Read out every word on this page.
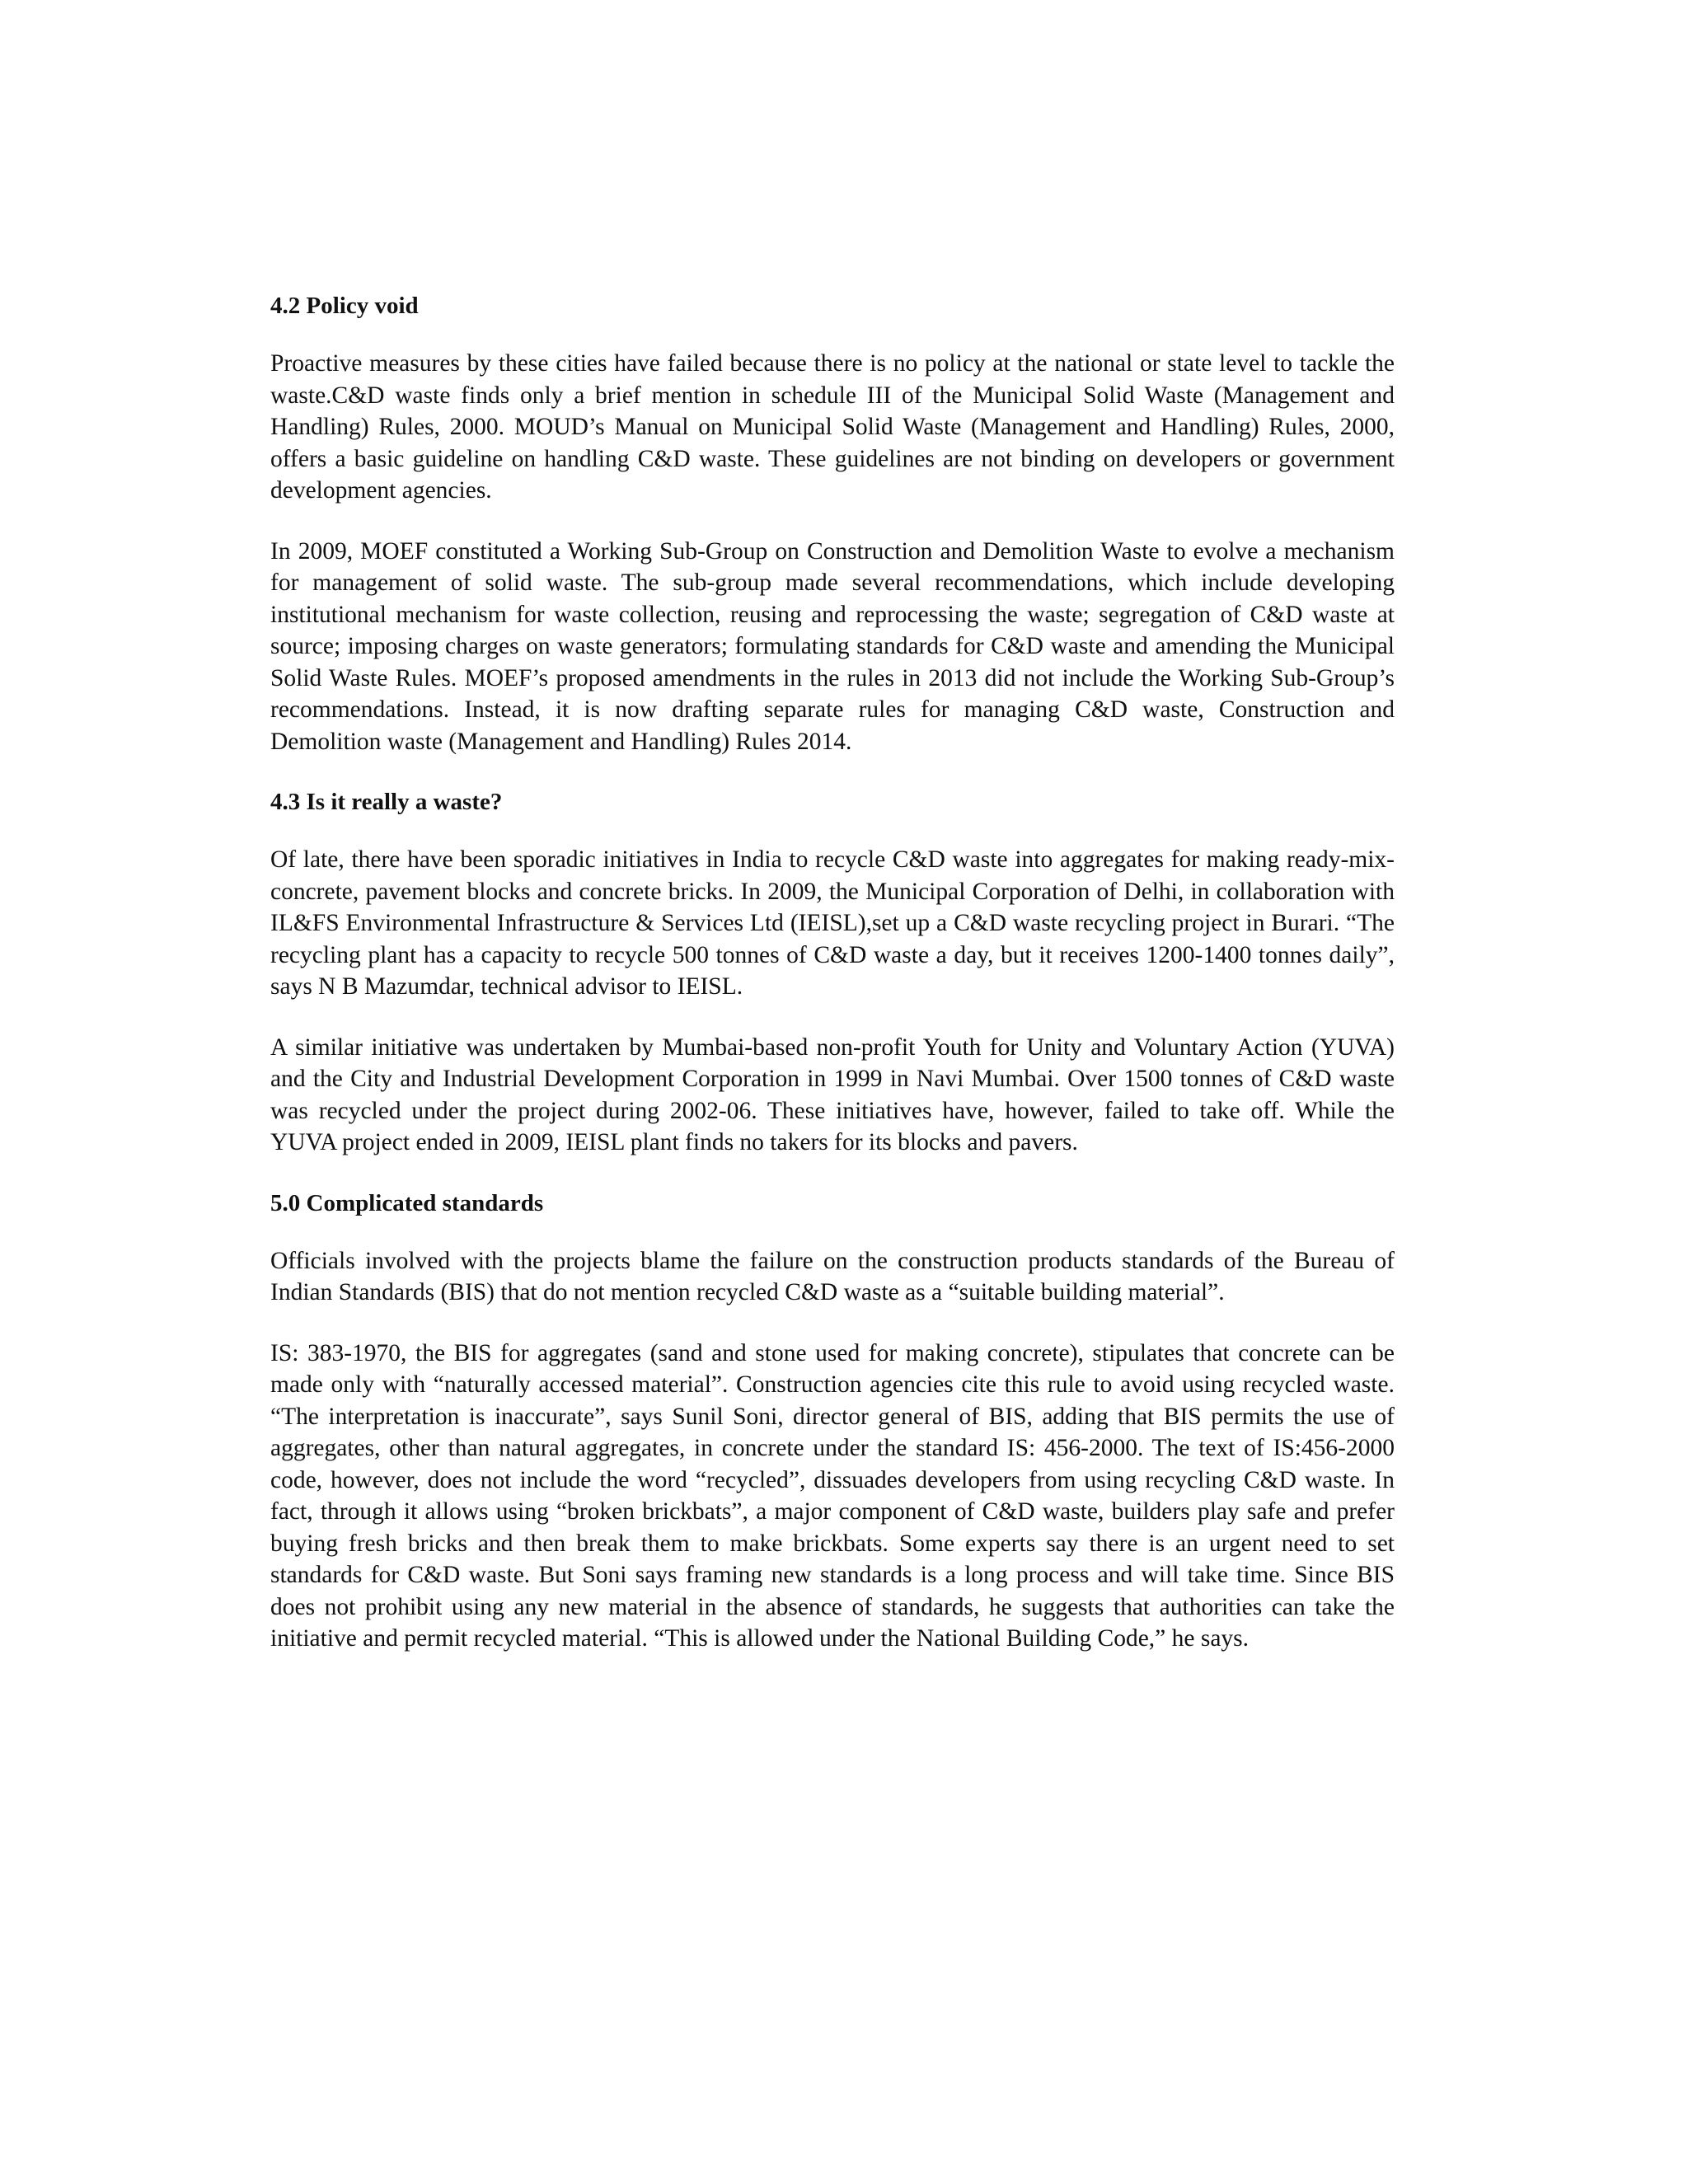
4.2 Policy void

Proactive measures by these cities have failed because there is no policy at the national or state level to tackle the waste.C&D waste finds only a brief mention in schedule III of the Municipal Solid Waste (Management and Handling) Rules, 2000. MOUD’s Manual on Municipal Solid Waste (Management and Handling) Rules, 2000, offers a basic guideline on handling C&D waste. These guidelines are not binding on developers or government development agencies.

In 2009, MOEF constituted a Working Sub-Group on Construction and Demolition Waste to evolve a mechanism for management of solid waste. The sub-group made several recommendations, which include developing institutional mechanism for waste collection, reusing and reprocessing the waste; segregation of C&D waste at source; imposing charges on waste generators; formulating standards for C&D waste and amending the Municipal Solid Waste Rules. MOEF’s proposed amendments in the rules in 2013 did not include the Working Sub-Group’s recommendations. Instead, it is now drafting separate rules for managing C&D waste, Construction and Demolition waste (Management and Handling) Rules 2014.

4.3 Is it really a waste?

Of late, there have been sporadic initiatives in India to recycle C&D waste into aggregates for making ready-mix-concrete, pavement blocks and concrete bricks. In 2009, the Municipal Corporation of Delhi, in collaboration with IL&FS Environmental Infrastructure & Services Ltd (IEISL),set up a C&D waste recycling project in Burari. “The recycling plant has a capacity to recycle 500 tonnes of C&D waste a day, but it receives 1200-1400 tonnes daily”, says N B Mazumdar, technical advisor to IEISL.

A similar initiative was undertaken by Mumbai-based non-profit Youth for Unity and Voluntary Action (YUVA) and the City and Industrial Development Corporation in 1999 in Navi Mumbai. Over 1500 tonnes of C&D waste was recycled under the project during 2002-06. These initiatives have, however, failed to take off. While the YUVA project ended in 2009, IEISL plant finds no takers for its blocks and pavers.

5.0 Complicated standards

Officials involved with the projects blame the failure on the construction products standards of the Bureau of Indian Standards (BIS) that do not mention recycled C&D waste as a “suitable building material”.

IS: 383-1970, the BIS for aggregates (sand and stone used for making concrete), stipulates that concrete can be made only with “naturally accessed material”. Construction agencies cite this rule to avoid using recycled waste. “The interpretation is inaccurate”, says Sunil Soni, director general of BIS, adding that BIS permits the use of aggregates, other than natural aggregates, in concrete under the standard IS: 456-2000. The text of IS:456-2000 code, however, does not include the word “recycled”, dissuades developers from using recycling C&D waste. In fact, through it allows using “broken brickbats”, a major component of C&D waste, builders play safe and prefer buying fresh bricks and then break them to make brickbats. Some experts say there is an urgent need to set standards for C&D waste. But Soni says framing new standards is a long process and will take time. Since BIS does not prohibit using any new material in the absence of standards, he suggests that authorities can take the initiative and permit recycled material. “This is allowed under the National Building Code,” he says.
